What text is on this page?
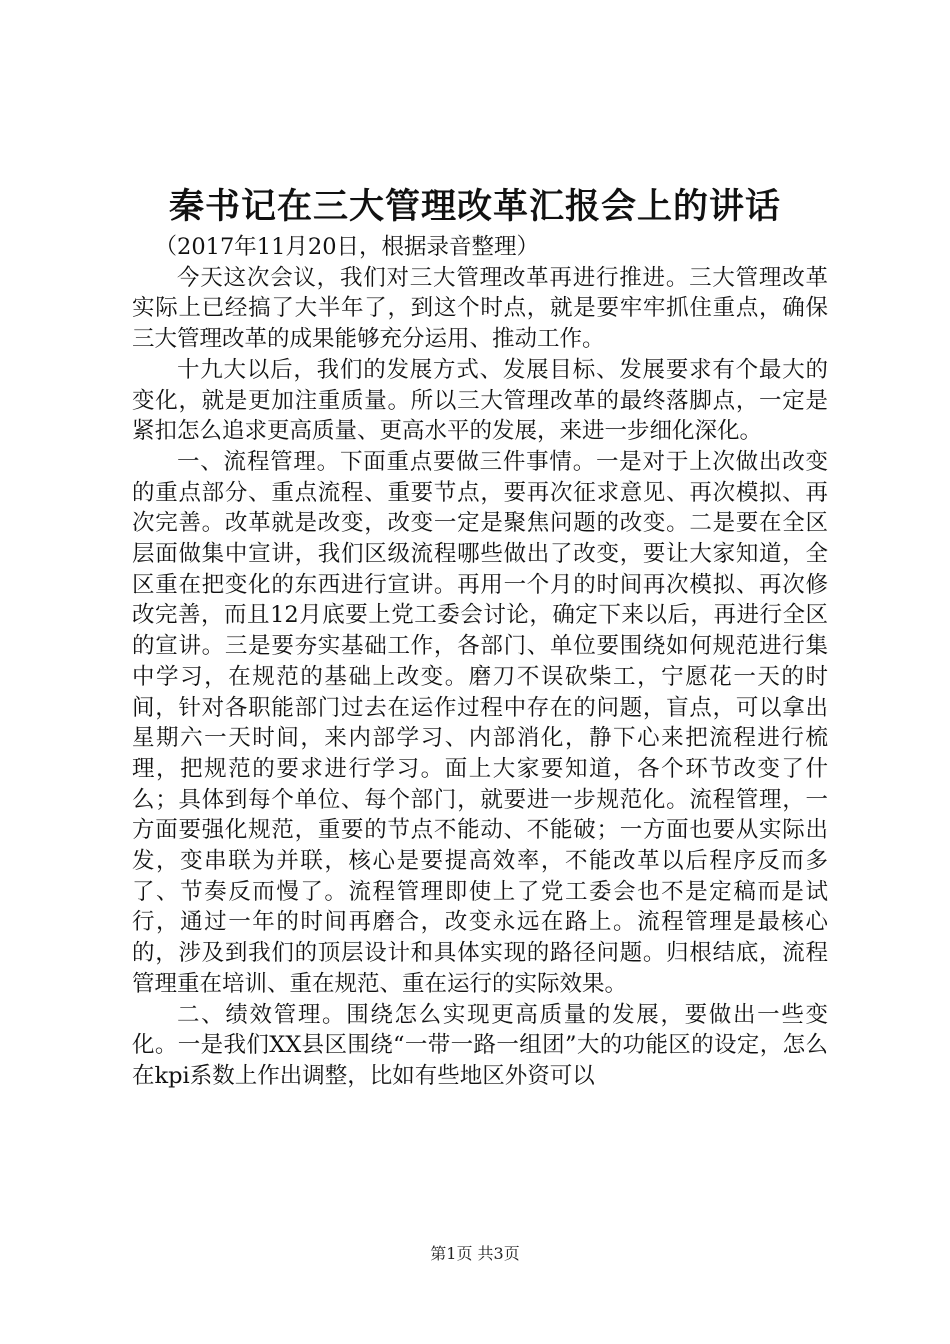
秦书记在三大管理改革汇报会上的讲话

（2017年11月20日，根据录音整理）

今天这次会议，我们对三大管理改革再进行推进。三大管理改革实际上已经搞了大半年了，到这个时点，就是要牢牢抓住重点，确保三大管理改革的成果能够充分运用、推动工作。

十九大以后，我们的发展方式、发展目标、发展要求有个最大的变化，就是更加注重质量。所以三大管理改革的最终落脚点，一定是紧扣怎么追求更高质量、更高水平的发展，来进一步细化深化。

一、流程管理。下面重点要做三件事情。一是对于上次做出改变的重点部分、重点流程、重要节点，要再次征求意见、再次模拟、再次完善。改革就是改变，改变一定是聚焦问题的改变。二是要在全区层面做集中宣讲，我们区级流程哪些做出了改变，要让大家知道，全区重在把变化的东西进行宣讲。再用一个月的时间再次模拟、再次修改完善，而且12月底要上党工委会讨论，确定下来以后，再进行全区的宣讲。三是要夯实基础工作，各部门、单位要围绕如何规范进行集中学习，在规范的基础上改变。磨刀不误砍柴工，宁愿花一天的时间，针对各职能部门过去在运作过程中存在的问题，盲点，可以拿出星期六一天时间，来内部学习、内部消化，静下心来把流程进行梳理，把规范的要求进行学习。面上大家要知道，各个环节改变了什么；具体到每个单位、每个部门，就要进一步规范化。流程管理，一方面要强化规范，重要的节点不能动、不能破；一方面也要从实际出发，变串联为并联，核心是要提高效率，不能改革以后程序反而多了、节奏反而慢了。流程管理即使上了党工委会也不是定稿而是试行，通过一年的时间再磨合，改变永远在路上。流程管理是最核心的，涉及到我们的顶层设计和具体实现的路径问题。归根结底，流程管理重在培训、重在规范、重在运行的实际效果。

二、绩效管理。围绕怎么实现更高质量的发展，要做出一些变化。一是我们XX县区围绕“一带一路一组团”大的功能区的设定，怎么在kpi系数上作出调整，比如有些地区外资可以

第1页 共3页
